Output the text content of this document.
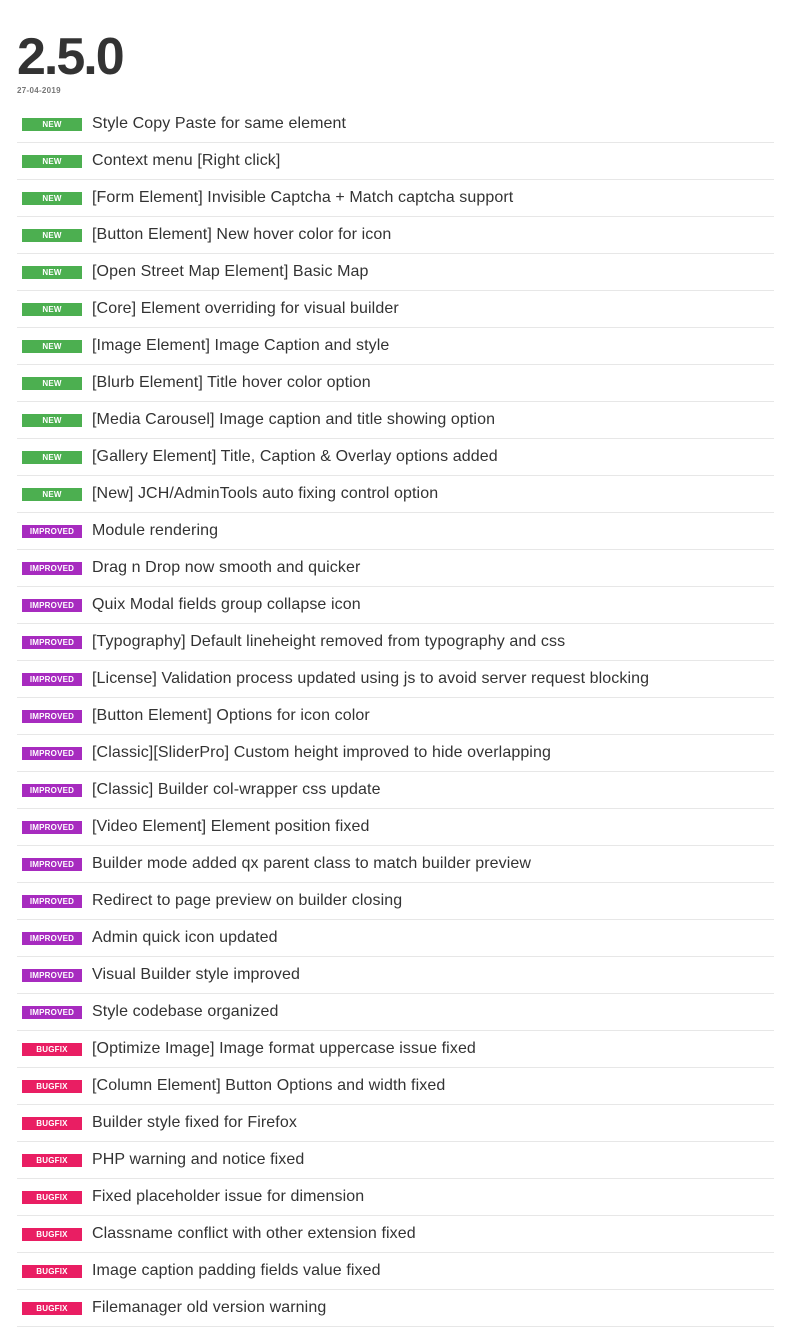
2.5.0
27-04-2019
NEW	Style Copy Paste for same element
NEW	Context menu [Right click]
NEW	[Form Element] Invisible Captcha + Match captcha support
NEW	[Button Element] New hover color for icon
NEW	[Open Street Map Element] Basic Map
NEW	[Core] Element overriding for visual builder
NEW	[Image Element] Image Caption and style
NEW	[Blurb Element] Title hover color option
NEW	[Media Carousel] Image caption and title showing option
NEW	[Gallery Element] Title, Caption & Overlay options added
NEW	[New] JCH/AdminTools auto fixing control option
IMPROVED	Module rendering
IMPROVED	Drag n Drop now smooth and quicker
IMPROVED	Quix Modal fields group collapse icon
IMPROVED	[Typography] Default lineheight removed from typography and css
IMPROVED	[License] Validation process updated using js to avoid server request blocking
IMPROVED	[Button Element] Options for icon color
IMPROVED	[Classic][SliderPro] Custom height improved to hide overlapping
IMPROVED	[Classic] Builder col-wrapper css update
IMPROVED	[Video Element] Element position fixed
IMPROVED	Builder mode added qx parent class to match builder preview
IMPROVED	Redirect to page preview on builder closing
IMPROVED	Admin quick icon updated
IMPROVED	Visual Builder style improved
IMPROVED	Style codebase organized
BUGFIX	[Optimize Image] Image format uppercase issue fixed
BUGFIX	[Column Element] Button Options and width fixed
BUGFIX	Builder style fixed for Firefox
BUGFIX	PHP warning and notice fixed
BUGFIX	Fixed placeholder issue for dimension
BUGFIX	Classname conflict with other extension fixed
BUGFIX	Image caption padding fields value fixed
BUGFIX	Filemanager old version warning
